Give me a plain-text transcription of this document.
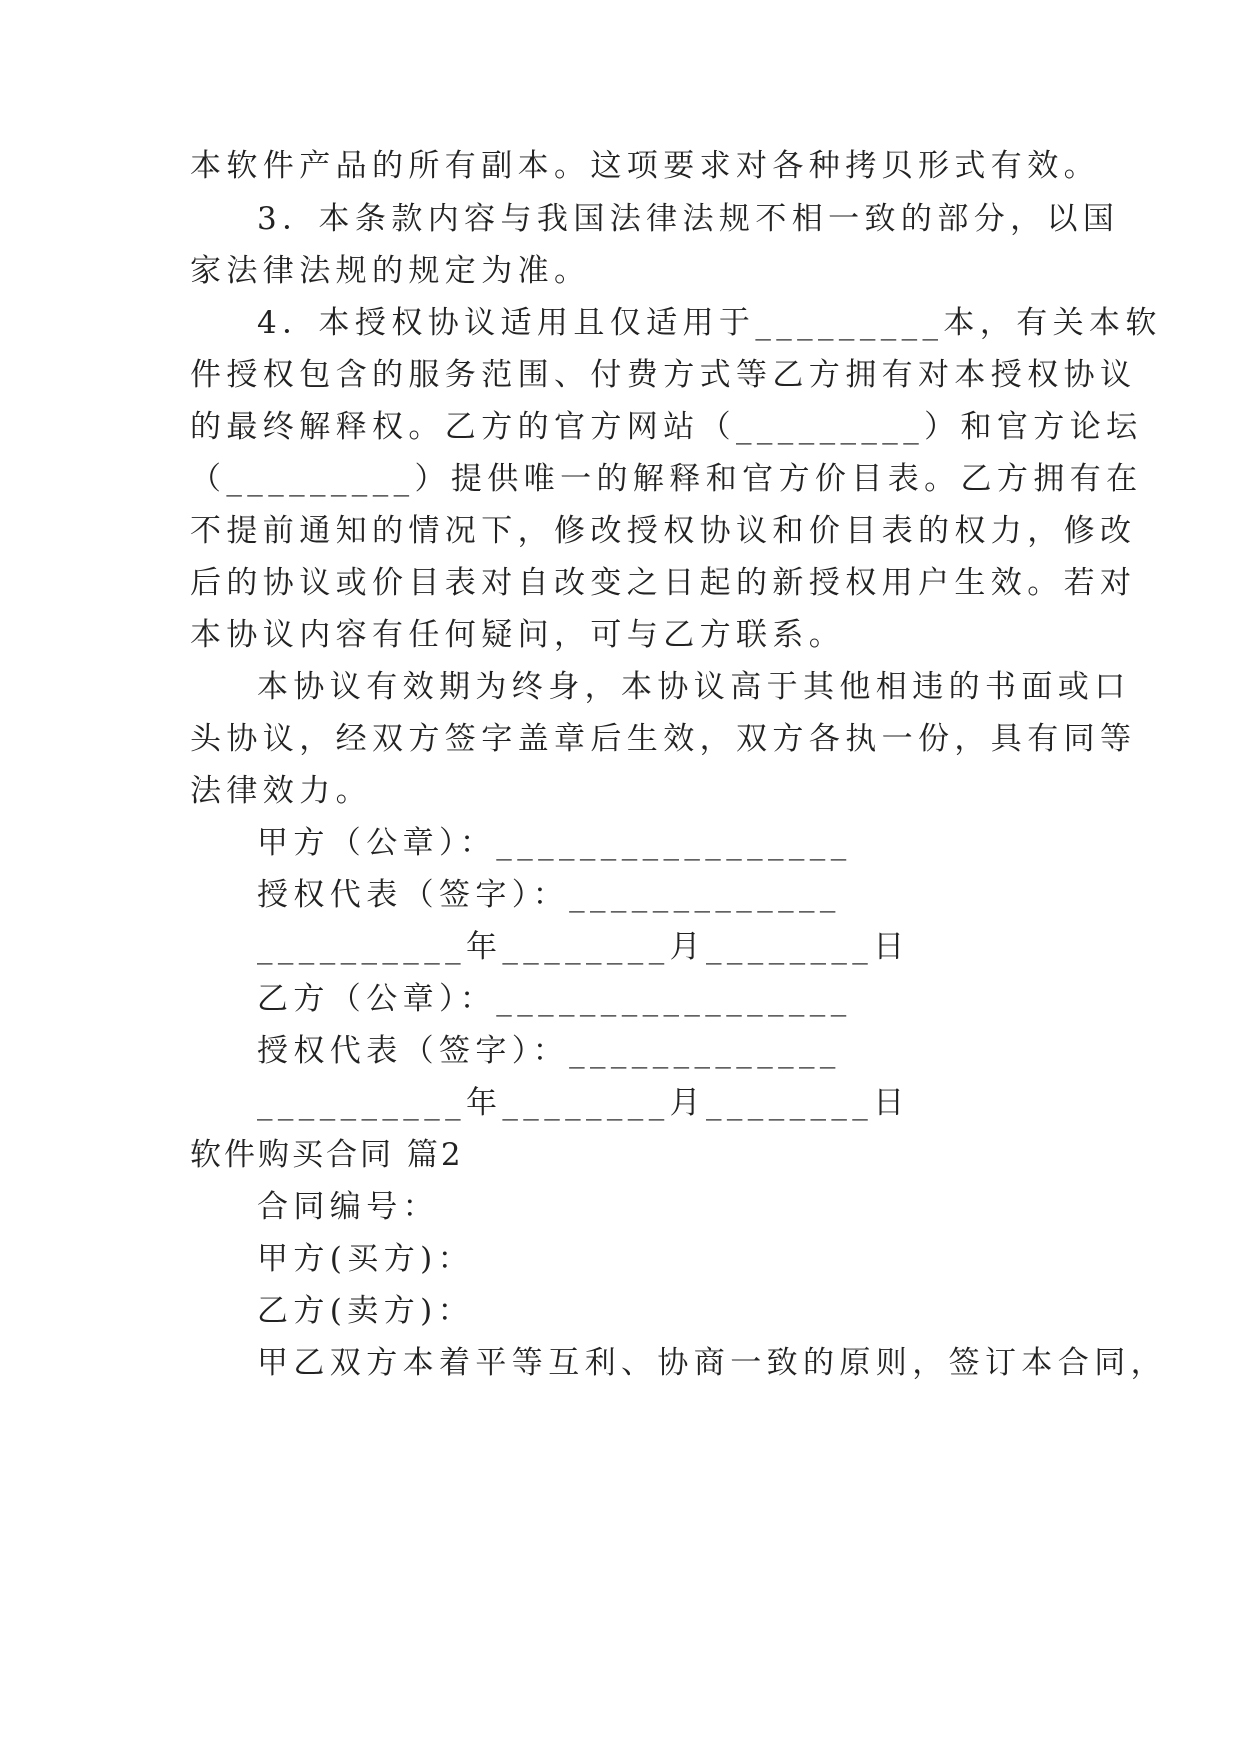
本软件产品的所有副本。这项要求对各种拷贝形式有效。
3．本条款内容与我国法律法规不相一致的部分，以国
家法律法规的规定为准。
4．本授权协议适用且仅适用于_________本，有关本软
件授权包含的服务范围、付费方式等乙方拥有对本授权协议
的最终解释权。乙方的官方网站（_________）和官方论坛
（_________）提供唯一的解释和官方价目表。乙方拥有在
不提前通知的情况下，修改授权协议和价目表的权力，修改
后的协议或价目表对自改变之日起的新授权用户生效。若对
本协议内容有任何疑问，可与乙方联系。
本协议有效期为终身，本协议高于其他相违的书面或口
头协议，经双方签字盖章后生效，双方各执一份，具有同等
法律效力。
甲方（公章）：_________________
授权代表（签字）：_____________
__________年________月________日
乙方（公章）：_________________
授权代表（签字）：_____________
__________年________月________日
软件购买合同 篇2
合同编号：
甲方(买方)：
乙方(卖方)：
甲乙双方本着平等互利、协商一致的原则，签订本合同，
